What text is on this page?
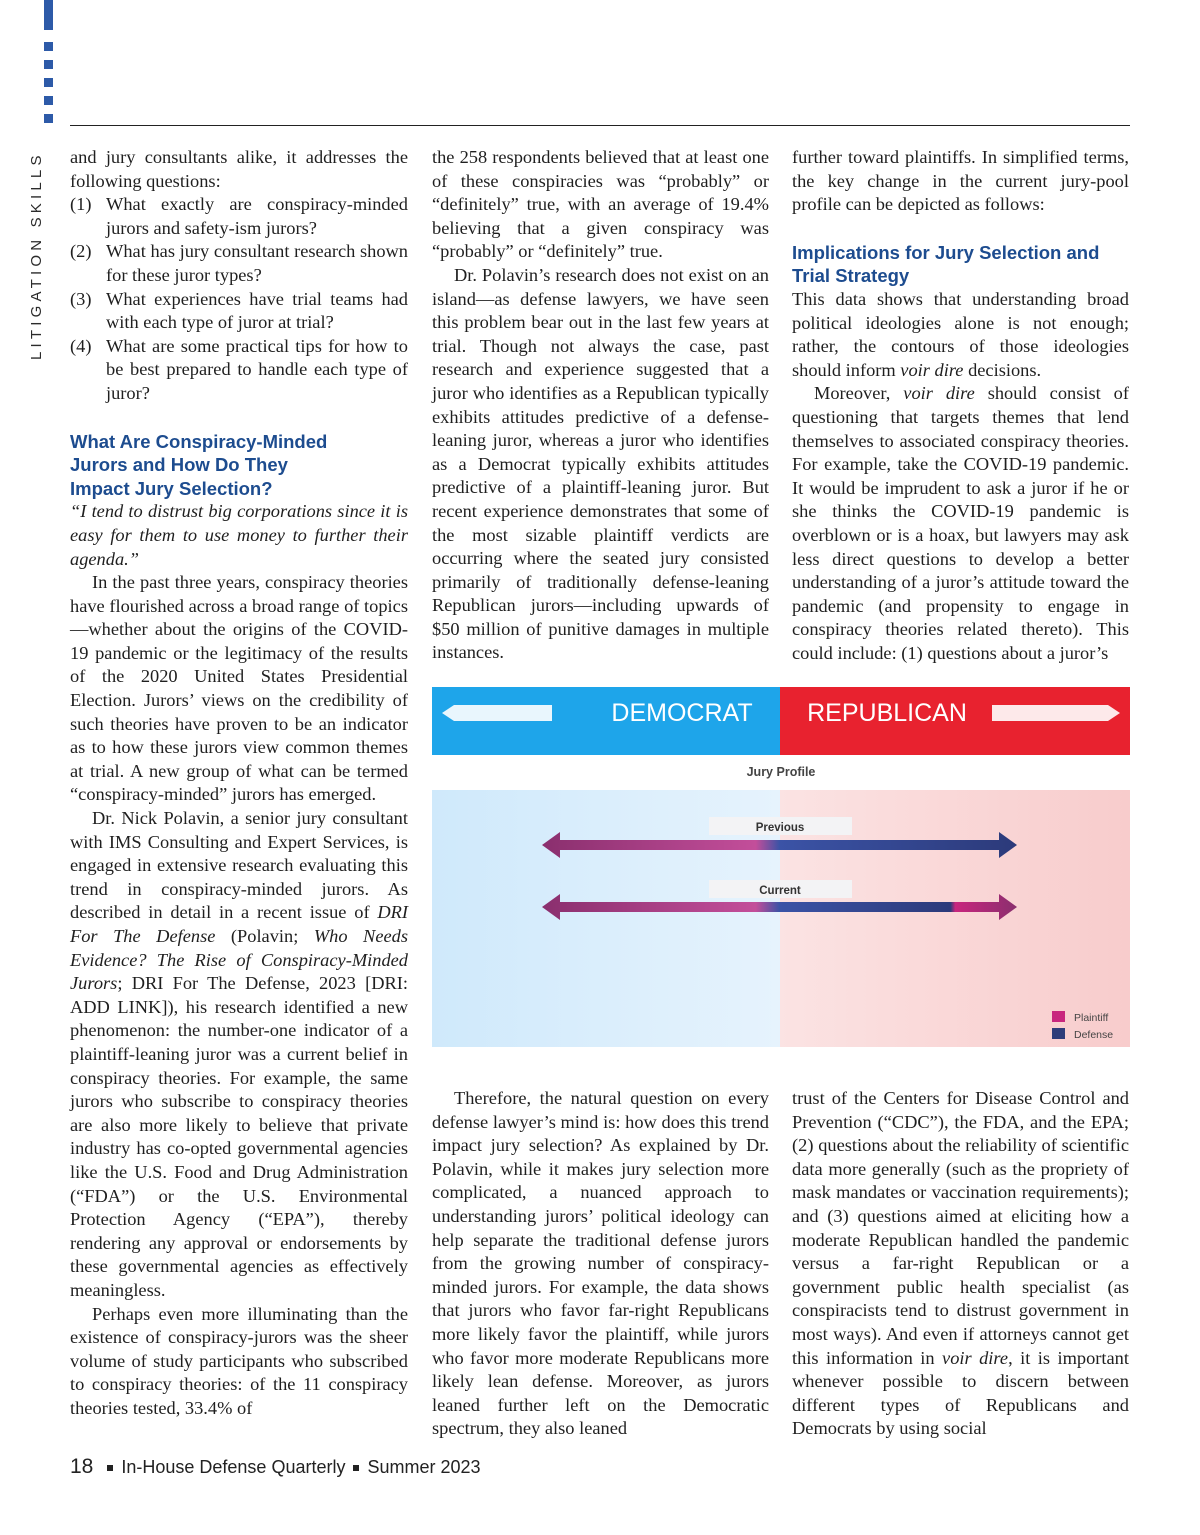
LITIGATION SKILLS and jury consultants alike, it addresses the following questions:

(1) What exactly are conspiracy-minded jurors and safety-ism jurors?
(2) What has jury consultant research shown for these juror types?
(3) What experiences have trial teams had with each type of juror at trial?
(4) What are some practical tips for how to be best prepared to handle each type of juror?
What Are Conspiracy-Minded Jurors and How Do They Impact Jury Selection?

“I tend to distrust big corporations since it is easy for them to use money to further their agenda.”

In the past three years, conspiracy theories have flourished across a broad range of topics—whether about the origins of the COVID-19 pandemic or the legitimacy of the results of the 2020 United States Presidential Election. Jurors’ views on the credibility of such theories have proven to be an indicator as to how these jurors view common themes at trial. A new group of what can be termed “conspiracy-minded” jurors has emerged.

Dr. Nick Polavin, a senior jury consultant with IMS Consulting and Expert Services, is engaged in extensive research evaluating this trend in conspiracy-minded jurors. As described in detail in a recent issue of DRI For The Defense (Polavin; Who Needs Evidence? The Rise of Conspiracy-Minded Jurors; DRI For The Defense, 2023 [DRI: ADD LINK]), his research identified a new phenomenon: the number-one indicator of a plaintiff-leaning juror was a current belief in conspiracy theories. For example, the same jurors who subscribe to conspiracy theories are also more likely to believe that private industry has co-opted governmental agencies like the U.S. Food and Drug Administration (“FDA”) or the U.S. Environmental Protection Agency (“EPA”), thereby rendering any approval or endorsements by these governmental agencies as effectively meaningless.

Perhaps even more illuminating than the existence of conspiracy-jurors was the sheer volume of study participants who subscribed to conspiracy theories: of the 11 conspiracy theories tested, 33.4% of

the 258 respondents believed that at least one of these conspiracies was “probably” or “definitely” true, with an average of 19.4% believing that a given conspiracy was “probably” or “definitely” true.

Dr. Polavin’s research does not exist on an island—as defense lawyers, we have seen this problem bear out in the last few years at trial. Though not always the case, past research and experience suggested that a juror who identifies as a Republican typically exhibits attitudes predictive of a defense-leaning juror, whereas a juror who identifies as a Democrat typically exhibits attitudes predictive of a plaintiff-leaning juror. But recent experience demonstrates that some of the most sizable plaintiff verdicts are occurring where the seated jury consisted primarily of traditionally defense-leaning Republican jurors—including upwards of $50 million of punitive damages in multiple instances.

further toward plaintiffs. In simplified terms, the key change in the current jury-pool profile can be depicted as follows:

Implications for Jury Selection and Trial Strategy

This data shows that understanding broad political ideologies alone is not enough; rather, the contours of those ideologies should inform voir dire decisions.

Moreover, voir dire should consist of questioning that targets themes that lend themselves to associated conspiracy theories. For example, take the COVID-19 pandemic. It would be imprudent to ask a juror if he or she thinks the COVID-19 pandemic is overblown or is a hoax, but lawyers may ask less direct questions to develop a better understanding of a juror’s attitude toward the pandemic (and propensity to engage in conspiracy theories related thereto). This could include: (1) questions about a juror’s

DEMOCRAT REPUBLICAN
Jury Profile
Previous
Current
Plaintiff
Defense

Therefore, the natural question on every defense lawyer’s mind is: how does this trend impact jury selection? As explained by Dr. Polavin, while it makes jury selection more complicated, a nuanced approach to understanding jurors’ political ideology can help separate the traditional defense jurors from the growing number of conspiracy-minded jurors. For example, the data shows that jurors who favor far-right Republicans more likely favor the plaintiff, while jurors who favor more moderate Republicans more likely lean defense. Moreover, as jurors leaned further left on the Democratic spectrum, they also leaned

trust of the Centers for Disease Control and Prevention (“CDC”), the FDA, and the EPA; (2) questions about the reliability of scientific data more generally (such as the propriety of mask mandates or vaccination requirements); and (3) questions aimed at eliciting how a moderate Republican handled the pandemic versus a far-right Republican or a government public health specialist (as conspiracists tend to distrust government in most ways). And even if attorneys cannot get this information in voir dire, it is important whenever possible to discern between different types of Republicans and Democrats by using social

18 In-House Defense Quarterly Summer 2023
